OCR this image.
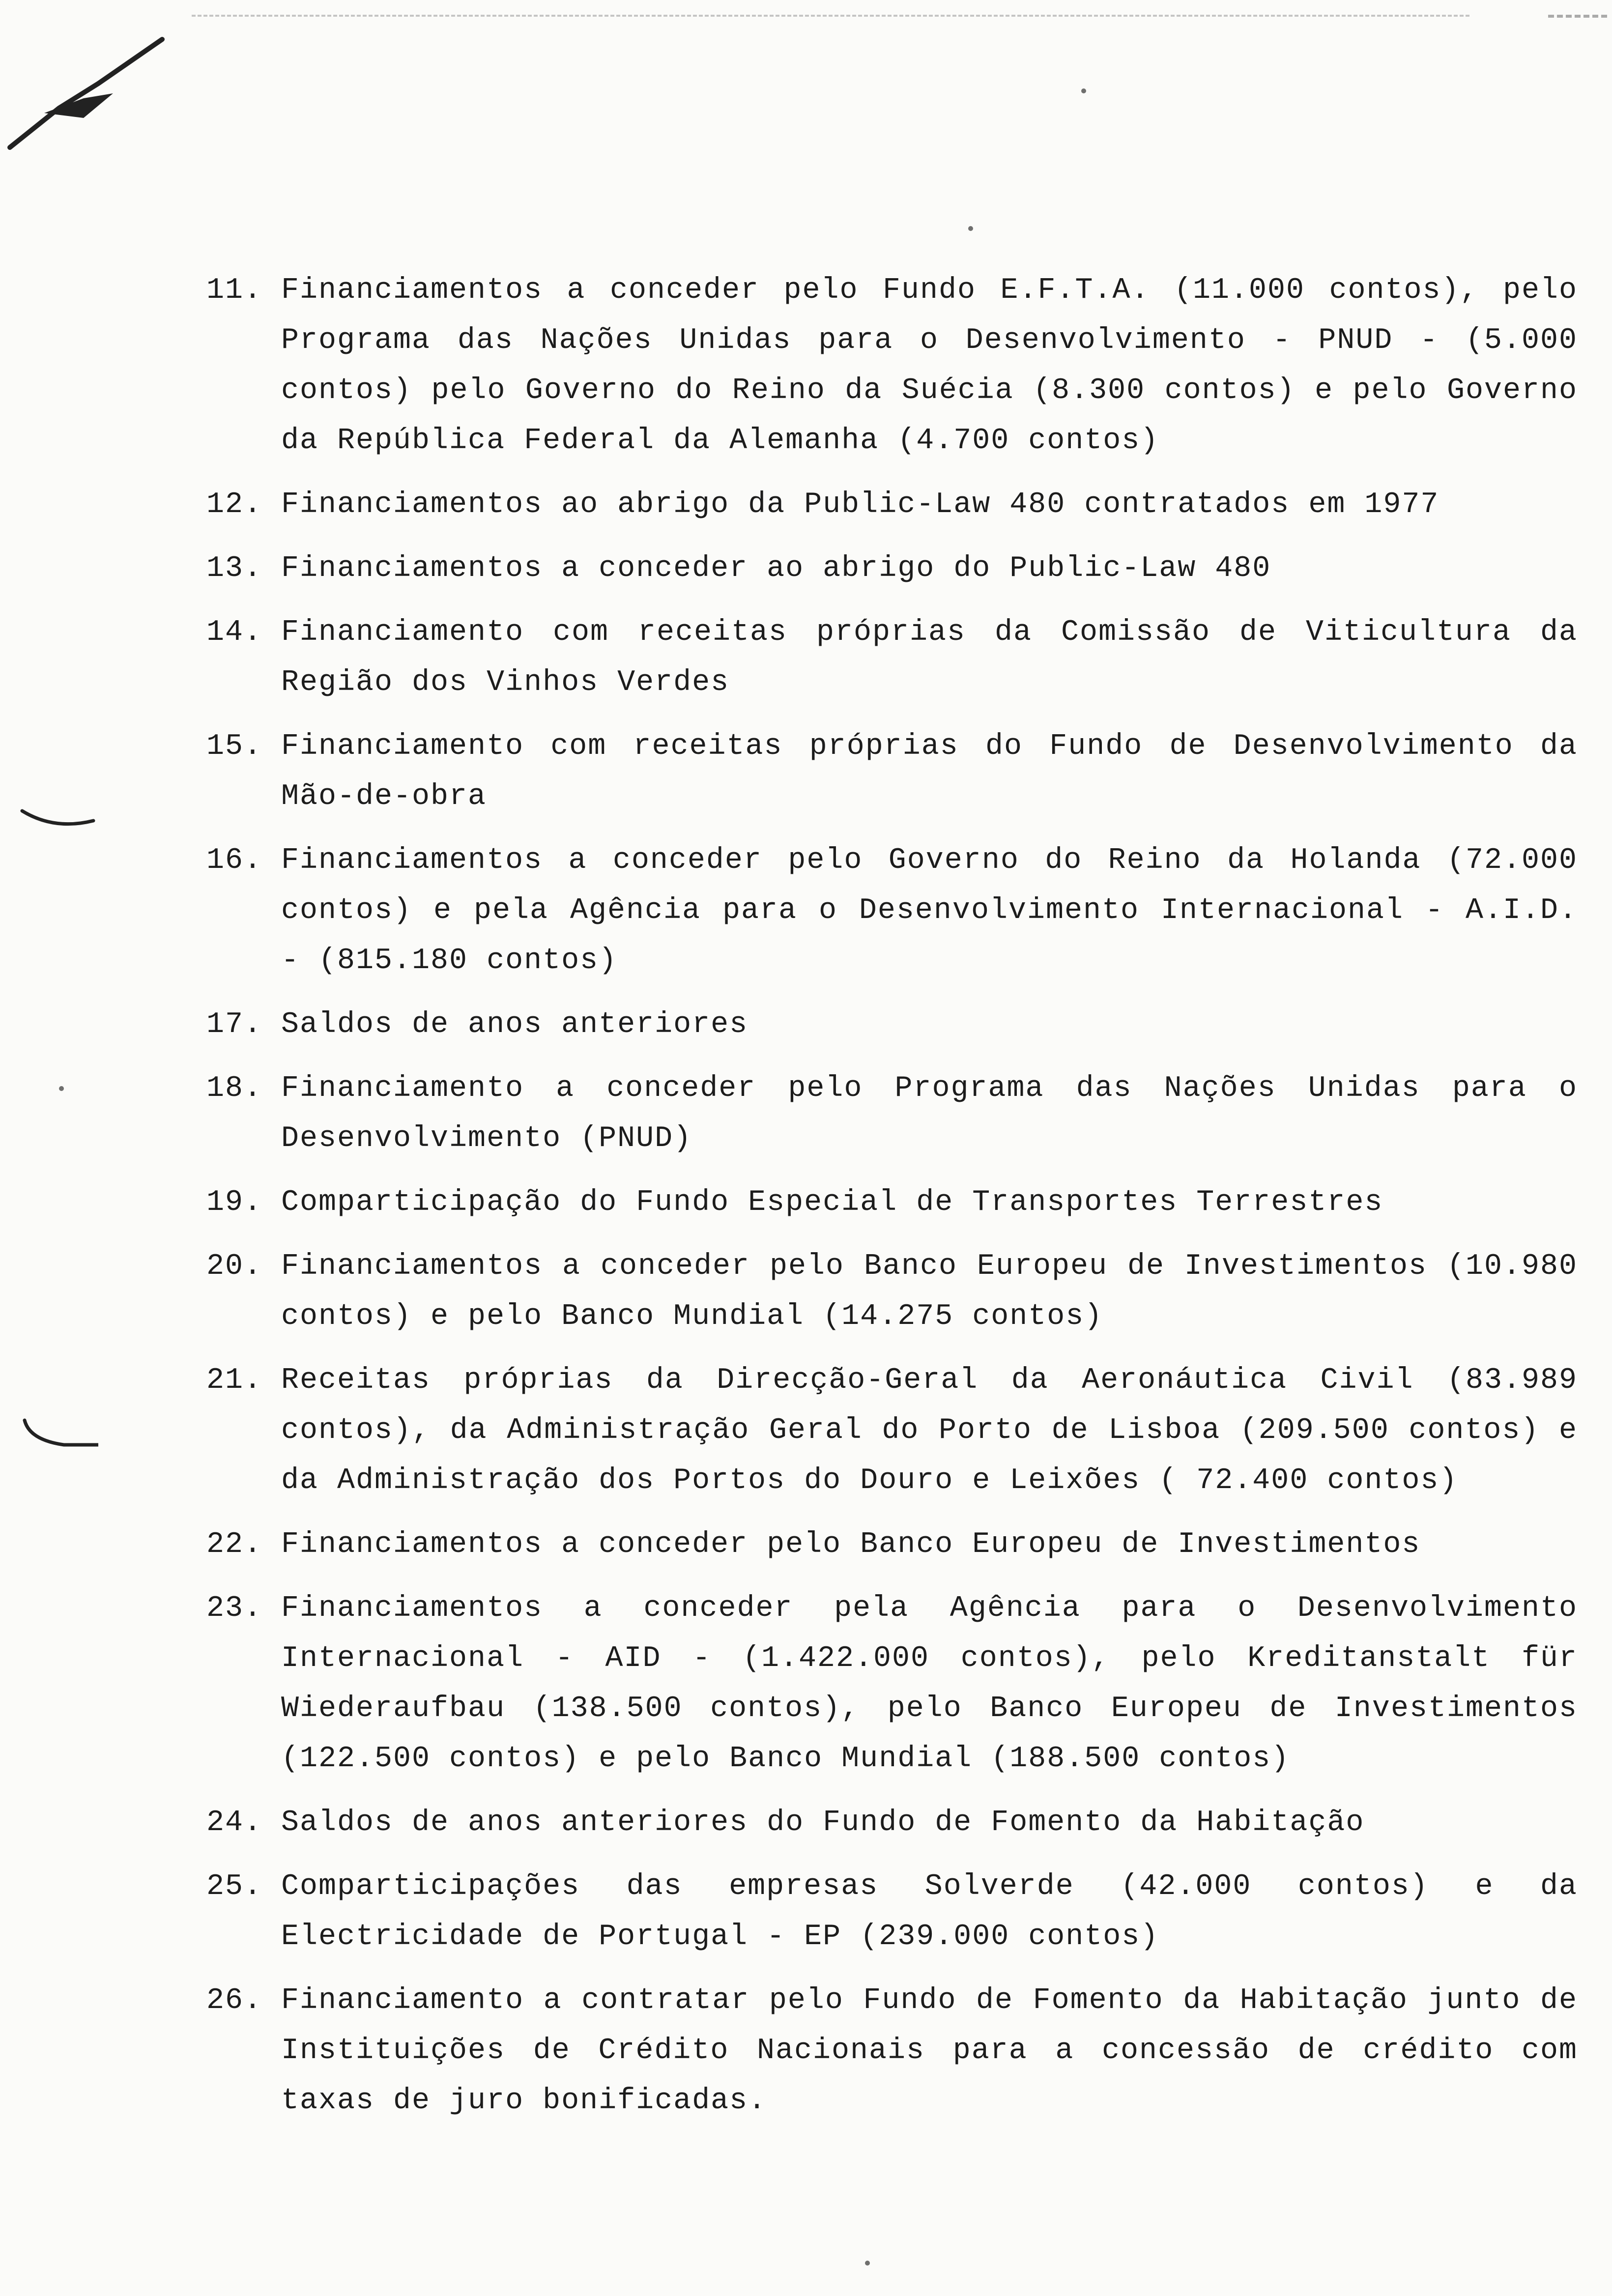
11. Financiamentos a conceder pelo Fundo E.F.T.A. (11.000 contos), pelo Programa das Nações Unidas para o Desenvolvimento - PNUD - (5.000 contos) pelo Governo do Reino da Suécia (8.300 contos) e pelo Governo da República Federal da Alemanha (4.700 contos)
12. Financiamentos ao abrigo da Public-Law 480 contratados em 1977
13. Financiamentos a conceder ao abrigo do Public-Law 480
14. Financiamento com receitas próprias da Comissão de Viticultura da Região dos Vinhos Verdes
15. Financiamento com receitas próprias do Fundo de Desenvolvimento da Mão-de-obra
16. Financiamentos a conceder pelo Governo do Reino da Holanda (72.000 contos) e pela Agência para o Desenvolvimento Internacional - A.I.D. - (815.180 contos)
17. Saldos de anos anteriores
18. Financiamento a conceder pelo Programa das Nações Unidas para o Desenvolvimento (PNUD)
19. Comparticipação do Fundo Especial de Transportes Terrestres
20. Financiamentos a conceder pelo Banco Europeu de Investimentos (10.980 contos) e pelo Banco Mundial (14.275 contos)
21. Receitas próprias da Direcção-Geral da Aeronáutica Civil (83.989 contos), da Administração Geral do Porto de Lisboa (209.500 contos) e da Administração dos Portos do Douro e Leixões ( 72.400 contos)
22. Financiamentos a conceder pelo Banco Europeu de Investimentos
23. Financiamentos a conceder pela Agência para o Desenvolvimento Internacional - AID - (1.422.000 contos), pelo Kreditanstalt für Wiederaufbau (138.500 contos), pelo Banco Europeu de Investimentos (122.500 contos) e pelo Banco Mundial (188.500 contos)
24. Saldos de anos anteriores do Fundo de Fomento da Habitação
25. Comparticipações das empresas Solverde (42.000 contos) e da Electricidade de Portugal - EP (239.000 contos)
26. Financiamento a contratar pelo Fundo de Fomento da Habitação junto de Instituições de Crédito Nacionais para a concessão de crédito com taxas de juro bonificadas.
